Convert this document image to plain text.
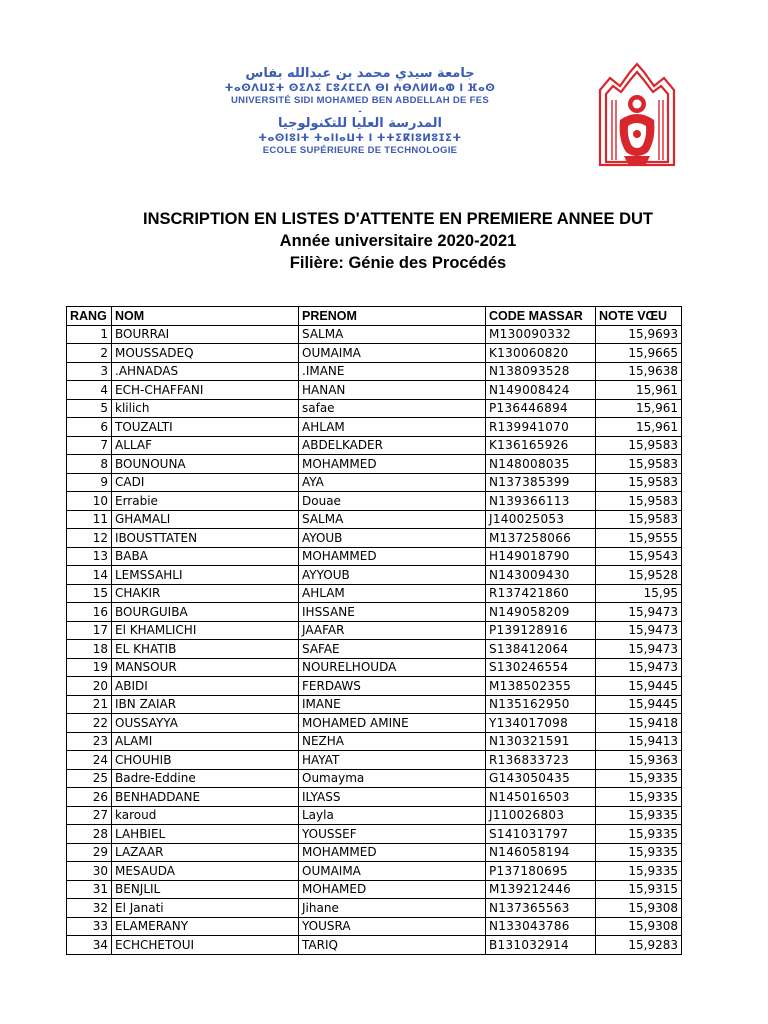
جامعة سيدي محمد بن عبدالله بفاس
ⵜⴰⵙⴷⵡⵉⵜ ⵙⵉⴷⵉ ⵎⵓⵃⵎⵎⴷ ⴱⵏ ⵄⴱⴷⵍⵍⴰⵀ ⵏ ⴼⴰⵙ
UNIVERSITÉ SIDI MOHAMED BEN ABDELLAH DE FES
-
المدرسة العليا للتكنولوجيا
ⵜⴰⵙⵏⵓⵏⵜ ⵜⴰⵏⵏⴰⵡⵜ ⵏ ⵜⵜⵉⴽⵏⵓⵍⵓⵊⵉⵜ
ECOLE SUPÉRIEURE DE TECHNOLOGIE
INSCRIPTION EN LISTES D'ATTENTE EN PREMIERE ANNEE DUT
Année universitaire 2020-2021
Filière: Génie des Procédés
RANG	NOM	PRENOM	CODE MASSAR	NOTE VŒU
1	BOURRAI	SALMA	M130090332	15,9693
2	MOUSSADEQ	OUMAIMA	K130060820	15,9665
3	.AHNADAS	.IMANE	N138093528	15,9638
4	ECH-CHAFFANI	HANAN	N149008424	15,961
5	klilich	safae	P136446894	15,961
6	TOUZALTI	AHLAM	R139941070	15,961
7	ALLAF	ABDELKADER	K136165926	15,9583
8	BOUNOUNA	MOHAMMED	N148008035	15,9583
9	CADI	AYA	N137385399	15,9583
10	Errabie	Douae	N139366113	15,9583
11	GHAMALI	SALMA	J140025053	15,9583
12	IBOUSTTATEN	AYOUB	M137258066	15,9555
13	BABA	MOHAMMED	H149018790	15,9543
14	LEMSSAHLI	AYYOUB	N143009430	15,9528
15	CHAKIR	AHLAM	R137421860	15,95
16	BOURGUIBA	IHSSANE	N149058209	15,9473
17	El KHAMLICHI	JAAFAR	P139128916	15,9473
18	EL KHATIB	SAFAE	S138412064	15,9473
19	MANSOUR	NOURELHOUDA	S130246554	15,9473
20	ABIDI	FERDAWS	M138502355	15,9445
21	IBN ZAIAR	IMANE	N135162950	15,9445
22	OUSSAYYA	MOHAMED AMINE	Y134017098	15,9418
23	ALAMI	NEZHA	N130321591	15,9413
24	CHOUHIB	HAYAT	R136833723	15,9363
25	Badre-Eddine	Oumayma	G143050435	15,9335
26	BENHADDANE	ILYASS	N145016503	15,9335
27	karoud	Layla	J110026803	15,9335
28	LAHBIEL	YOUSSEF	S141031797	15,9335
29	LAZAAR	MOHAMMED	N146058194	15,9335
30	MESAUDA	OUMAIMA	P137180695	15,9335
31	BENJLIL	MOHAMED	M139212446	15,9315
32	El Janati	Jihane	N137365563	15,9308
33	ELAMERANY	YOUSRA	N133043786	15,9308
34	ECHCHETOUI	TARIQ	B131032914	15,9283
